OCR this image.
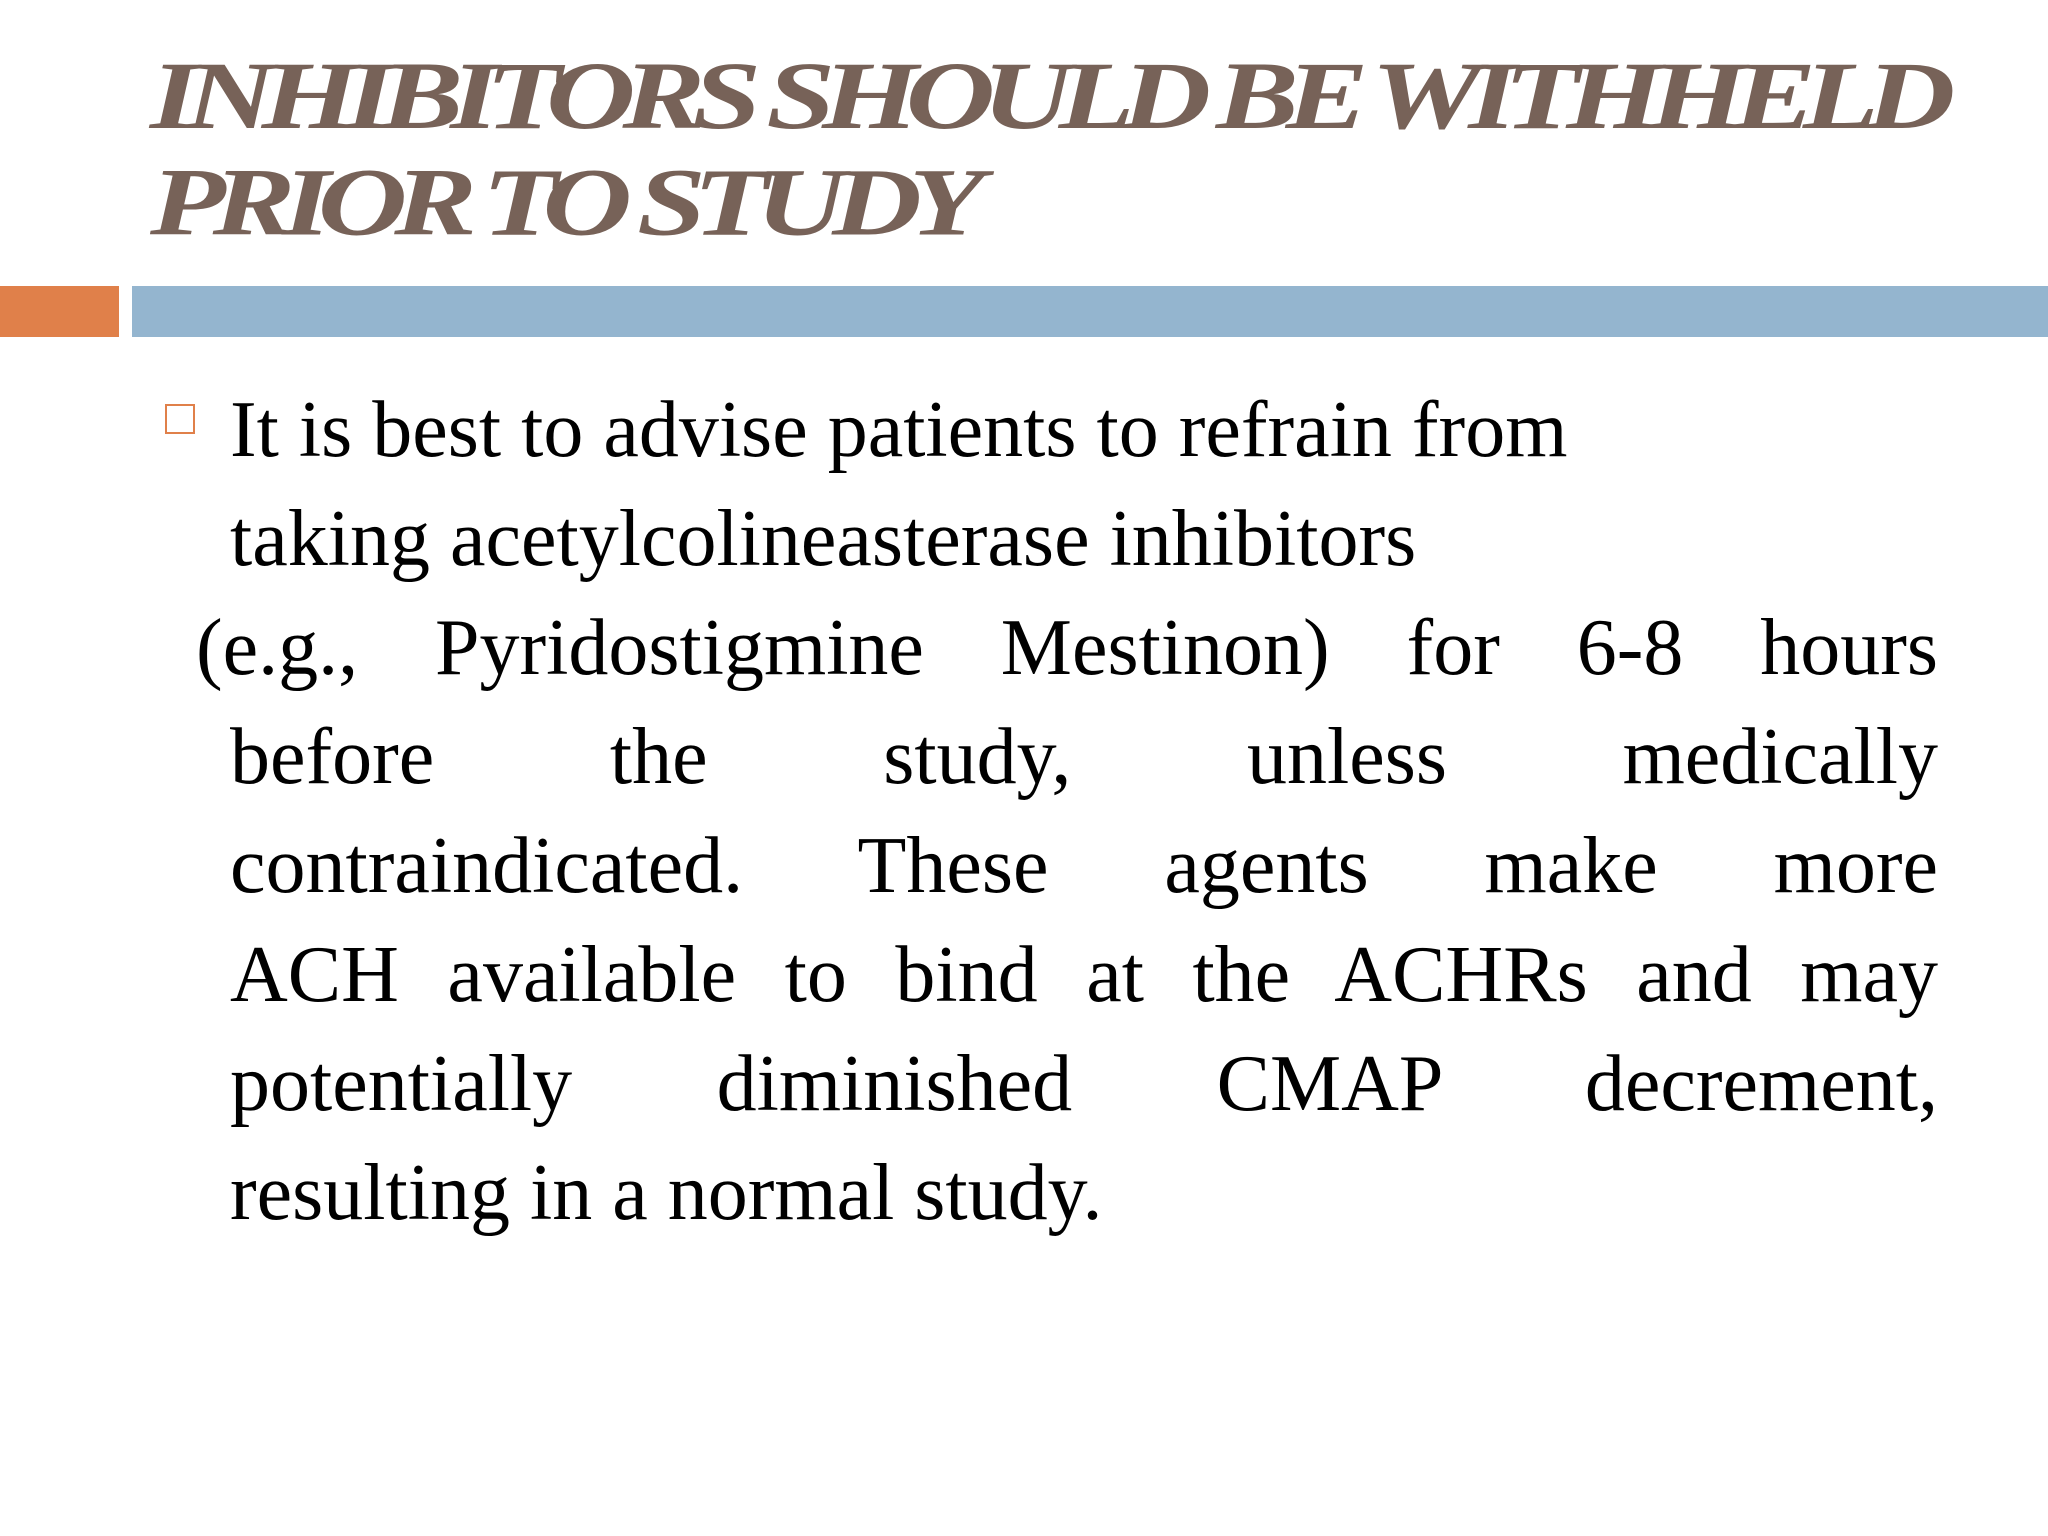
INHIBITORS SHOULD BE WITHHELD
PRIOR TO STUDY
It is best to advise patients to refrain from
taking acetylcolineasterase inhibitors
(e.g., Pyridostigmine Mestinon) for 6-8 hours
before the study, unless medically
contraindicated. These agents make more
ACH available to bind at the ACHRs and may
potentially diminished CMAP decrement,
resulting in a normal study.
